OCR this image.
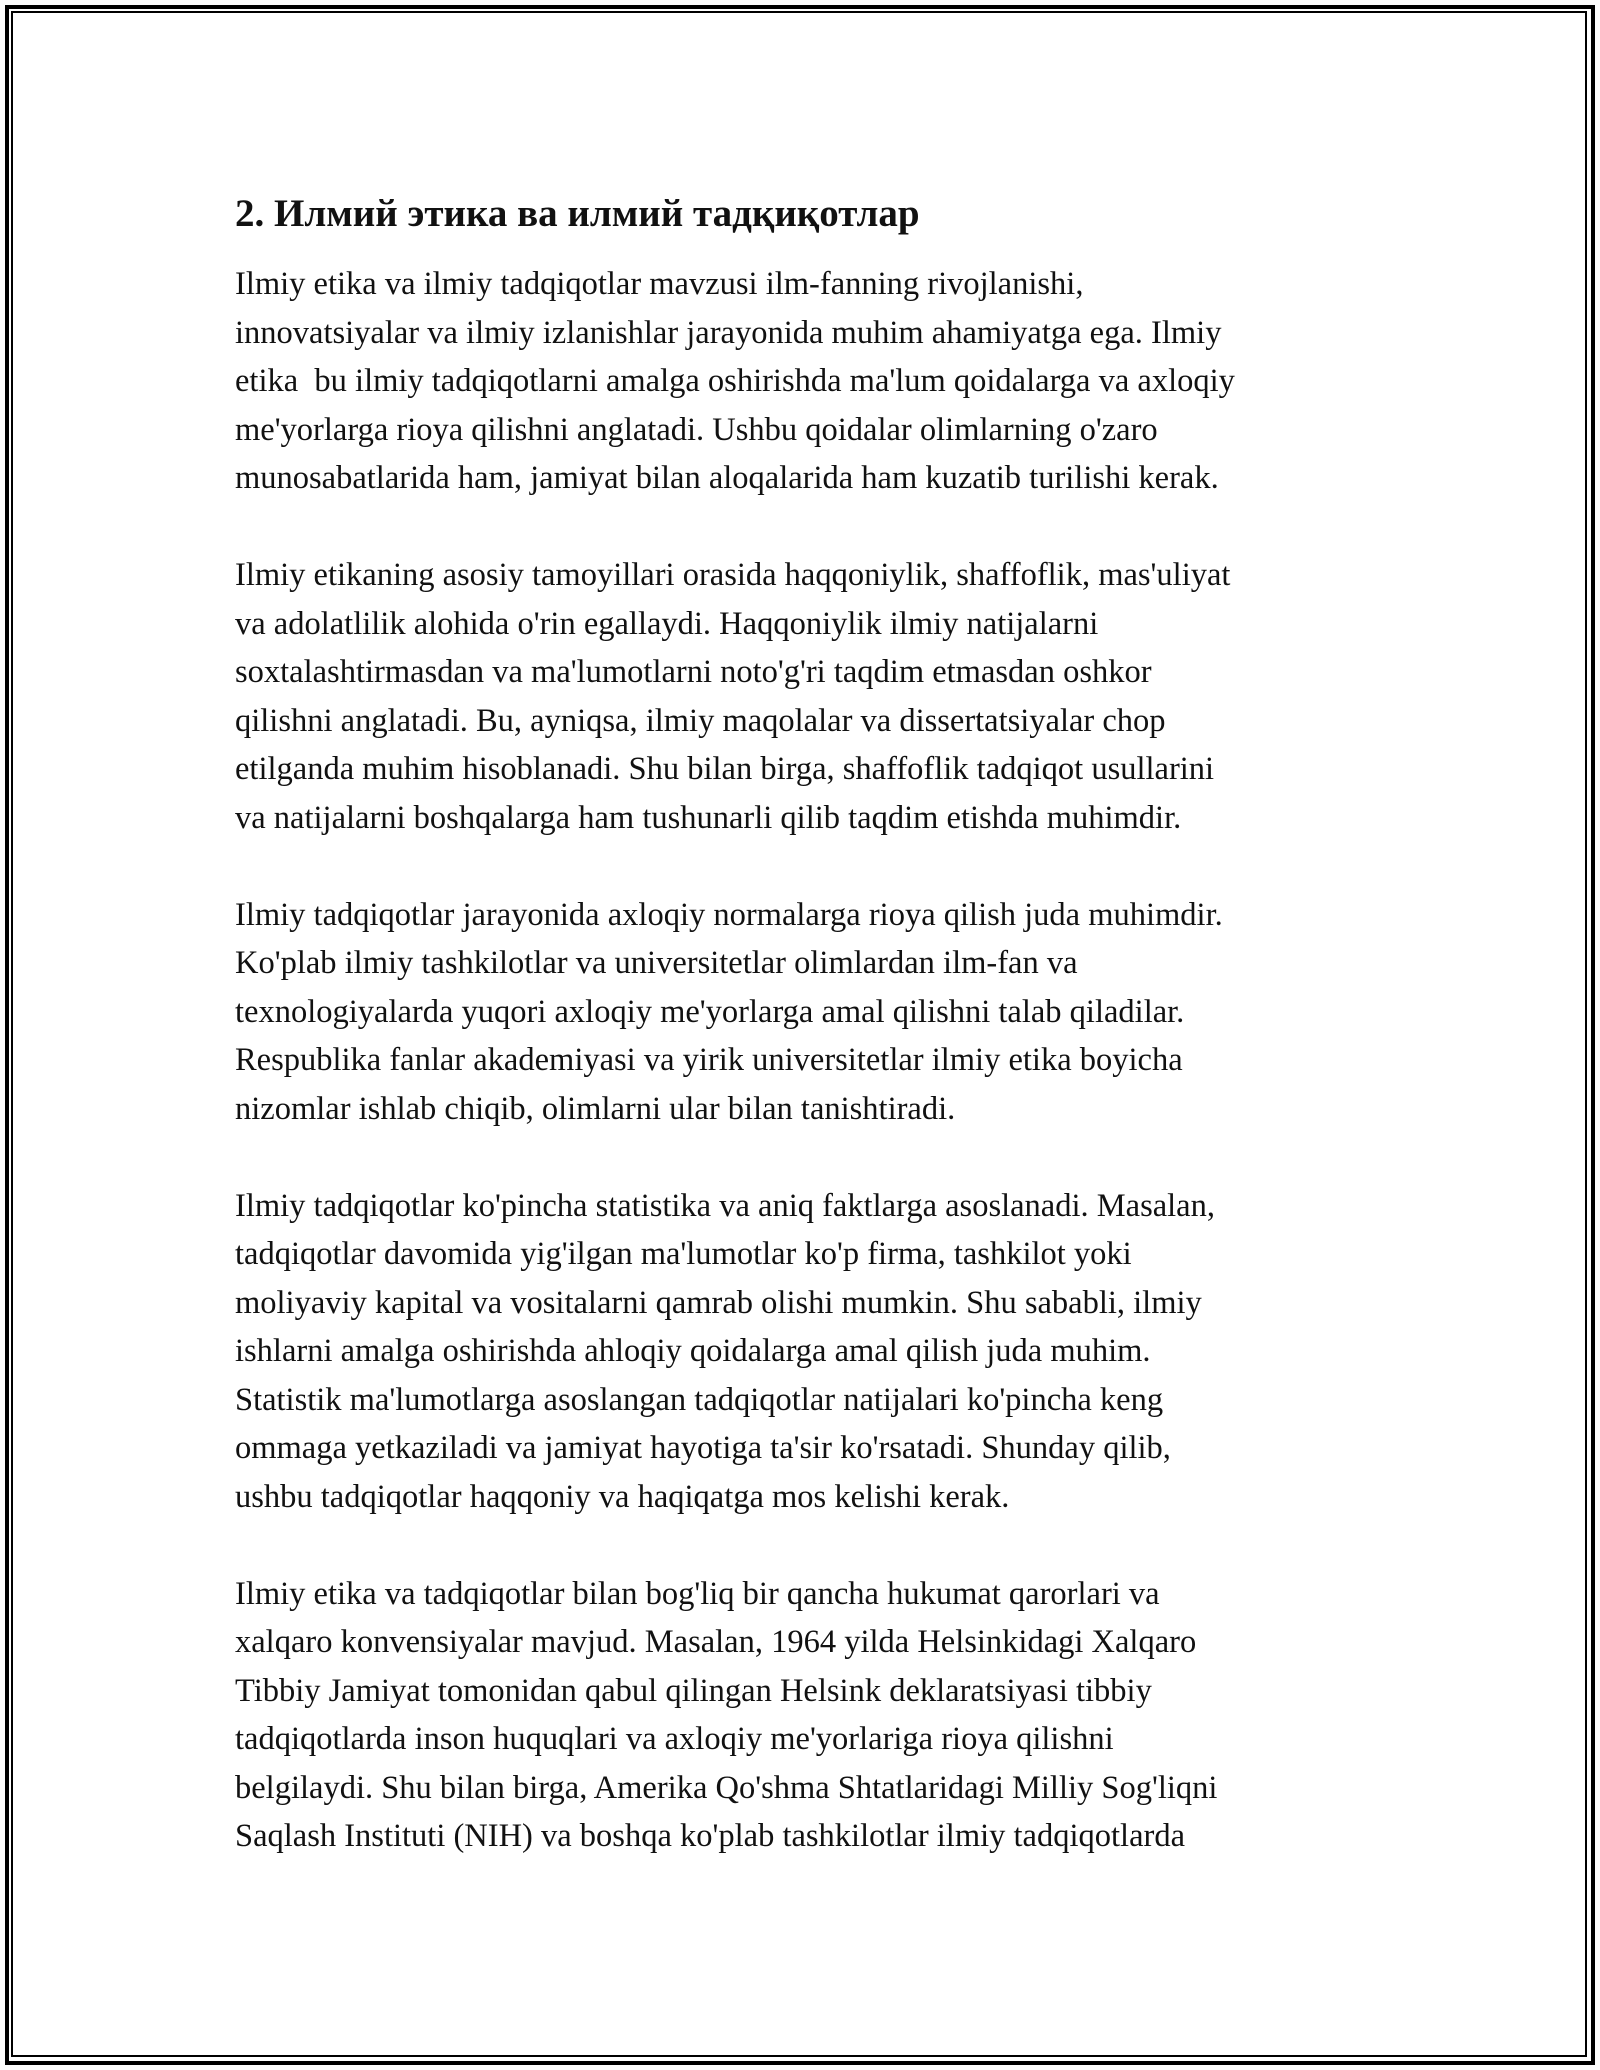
2. Илмий этика ва илмий тадқиқотлар

Ilmiy etika va ilmiy tadqiqotlar mavzusi ilm-fanning rivojlanishi,
innovatsiyalar va ilmiy izlanishlar jarayonida muhim ahamiyatga ega. Ilmiy
etika  bu ilmiy tadqiqotlarni amalga oshirishda ma'lum qoidalarga va axloqiy
me'yorlarga rioya qilishni anglatadi. Ushbu qoidalar olimlarning o'zaro
munosabatlarida ham, jamiyat bilan aloqalarida ham kuzatib turilishi kerak.

Ilmiy etikaning asosiy tamoyillari orasida haqqoniylik, shaffoflik, mas'uliyat
va adolatlilik alohida o'rin egallaydi. Haqqoniylik ilmiy natijalarni
soxtalashtirmasdan va ma'lumotlarni noto'g'ri taqdim etmasdan oshkor
qilishni anglatadi. Bu, ayniqsa, ilmiy maqolalar va dissertatsiyalar chop
etilganda muhim hisoblanadi. Shu bilan birga, shaffoflik tadqiqot usullarini
va natijalarni boshqalarga ham tushunarli qilib taqdim etishda muhimdir.

Ilmiy tadqiqotlar jarayonida axloqiy normalarga rioya qilish juda muhimdir.
Ko'plab ilmiy tashkilotlar va universitetlar olimlardan ilm-fan va
texnologiyalarda yuqori axloqiy me'yorlarga amal qilishni talab qiladilar.
Respublika fanlar akademiyasi va yirik universitetlar ilmiy etika boyicha
nizomlar ishlab chiqib, olimlarni ular bilan tanishtiradi.

Ilmiy tadqiqotlar ko'pincha statistika va aniq faktlarga asoslanadi. Masalan,
tadqiqotlar davomida yig'ilgan ma'lumotlar ko'p firma, tashkilot yoki
moliyaviy kapital va vositalarni qamrab olishi mumkin. Shu sababli, ilmiy
ishlarni amalga oshirishda ahloqiy qoidalarga amal qilish juda muhim.
Statistik ma'lumotlarga asoslangan tadqiqotlar natijalari ko'pincha keng
ommaga yetkaziladi va jamiyat hayotiga ta'sir ko'rsatadi. Shunday qilib,
ushbu tadqiqotlar haqqoniy va haqiqatga mos kelishi kerak.

Ilmiy etika va tadqiqotlar bilan bog'liq bir qancha hukumat qarorlari va
xalqaro konvensiyalar mavjud. Masalan, 1964 yilda Helsinkidagi Xalqaro
Tibbiy Jamiyat tomonidan qabul qilingan Helsink deklaratsiyasi tibbiy
tadqiqotlarda inson huquqlari va axloqiy me'yorlariga rioya qilishni
belgilaydi. Shu bilan birga, Amerika Qo'shma Shtatlaridagi Milliy Sog'liqni
Saqlash Instituti (NIH) va boshqa ko'plab tashkilotlar ilmiy tadqiqotlarda
